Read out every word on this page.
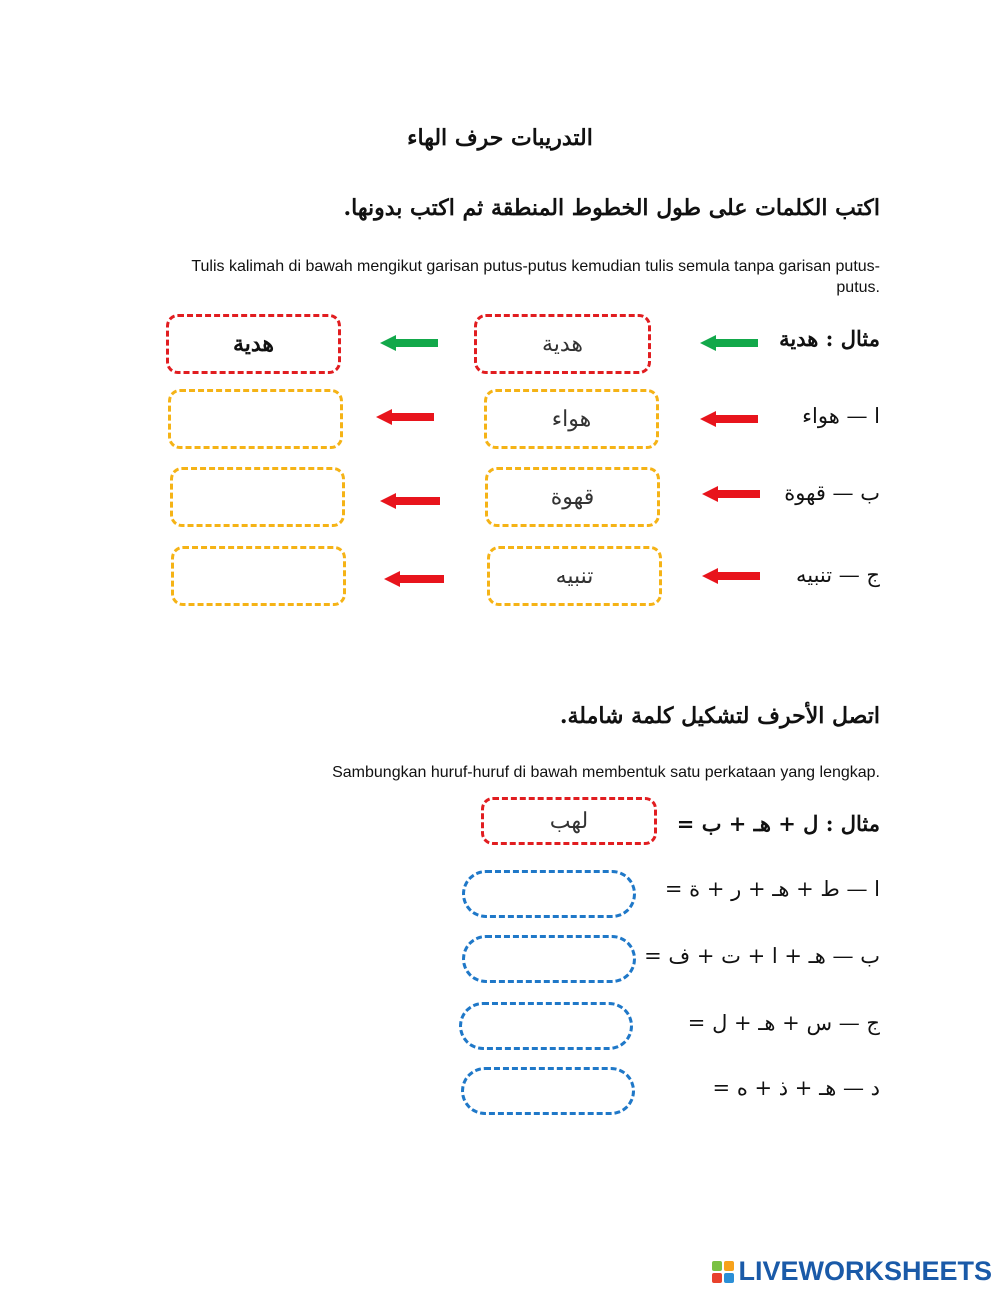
التدريبات حرف الهاء
اكتب الكلمات على طول الخطوط المنطقة ثم اكتب بدونها.
Tulis kalimah di bawah mengikut garisan putus-putus kemudian tulis semula tanpa garisan putus-putus.
مثال : هدية
هدية
هدية
ا — هواء
هواء
ب — قهوة
قهوة
ج — تنبيه
تنبيه
اتصل الأحرف لتشكيل كلمة شاملة.
Sambungkan huruf-huruf di bawah membentuk satu perkataan yang lengkap.
مثال : ل + هـ + ب =
لهب
ا — ط + هـ + ر + ة =
ب — هـ + ا + ت + ف =
ج — س + هـ + ل =
د — هـ + ذ + ه =
LIVEWORKSHEETS
